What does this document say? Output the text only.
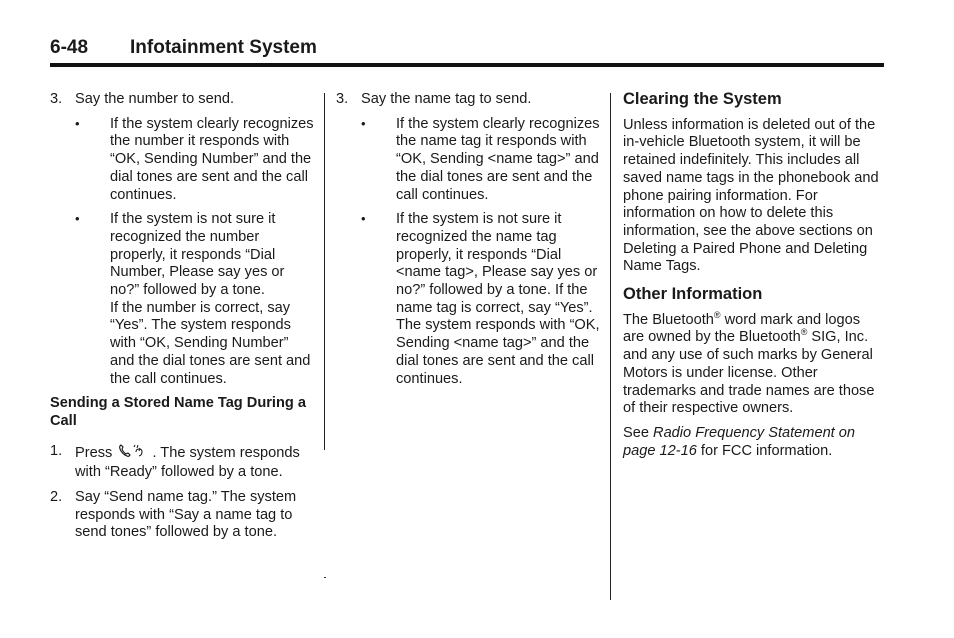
6-48 Infotainment System
3. Say the number to send.
• If the system clearly recognizes the number it responds with “OK, Sending Number” and the dial tones are sent and the call continues.
• If the system is not sure it recognized the number properly, it responds “Dial Number, Please say yes or no?” followed by a tone.
If the number is correct, say “Yes”. The system responds with “OK, Sending Number” and the dial tones are sent and the call continues.
Sending a Stored Name Tag During a Call
1. Press	. The system responds with “Ready” followed by a tone.
2. Say “Send name tag.” The system responds with “Say a name tag to send tones” followed by a tone.
3. Say the name tag to send.
• If the system clearly recognizes the name tag it responds with “OK, Sending <name tag>” and the dial tones are sent and the call continues.
• If the system is not sure it recognized the name tag properly, it responds “Dial <name tag>, Please say yes or no?” followed by a tone. If the name tag is correct, say “Yes”. The system responds with “OK, Sending <name tag>” and the dial tones are sent and the call continues.
Clearing the System

Unless information is deleted out of the in-vehicle Bluetooth system, it will be retained indefinitely. This includes all saved name tags in the phonebook and phone pairing information. For information on how to delete this information, see the above sections on Deleting a Paired Phone and Deleting Name Tags.

Other Information

The Bluetooth® word mark and logos are owned by the Bluetooth® SIG, Inc. and any use of such marks by General Motors is under license. Other trademarks and trade names are those of their respective owners.

See Radio Frequency Statement on page 12-16 for FCC information.
